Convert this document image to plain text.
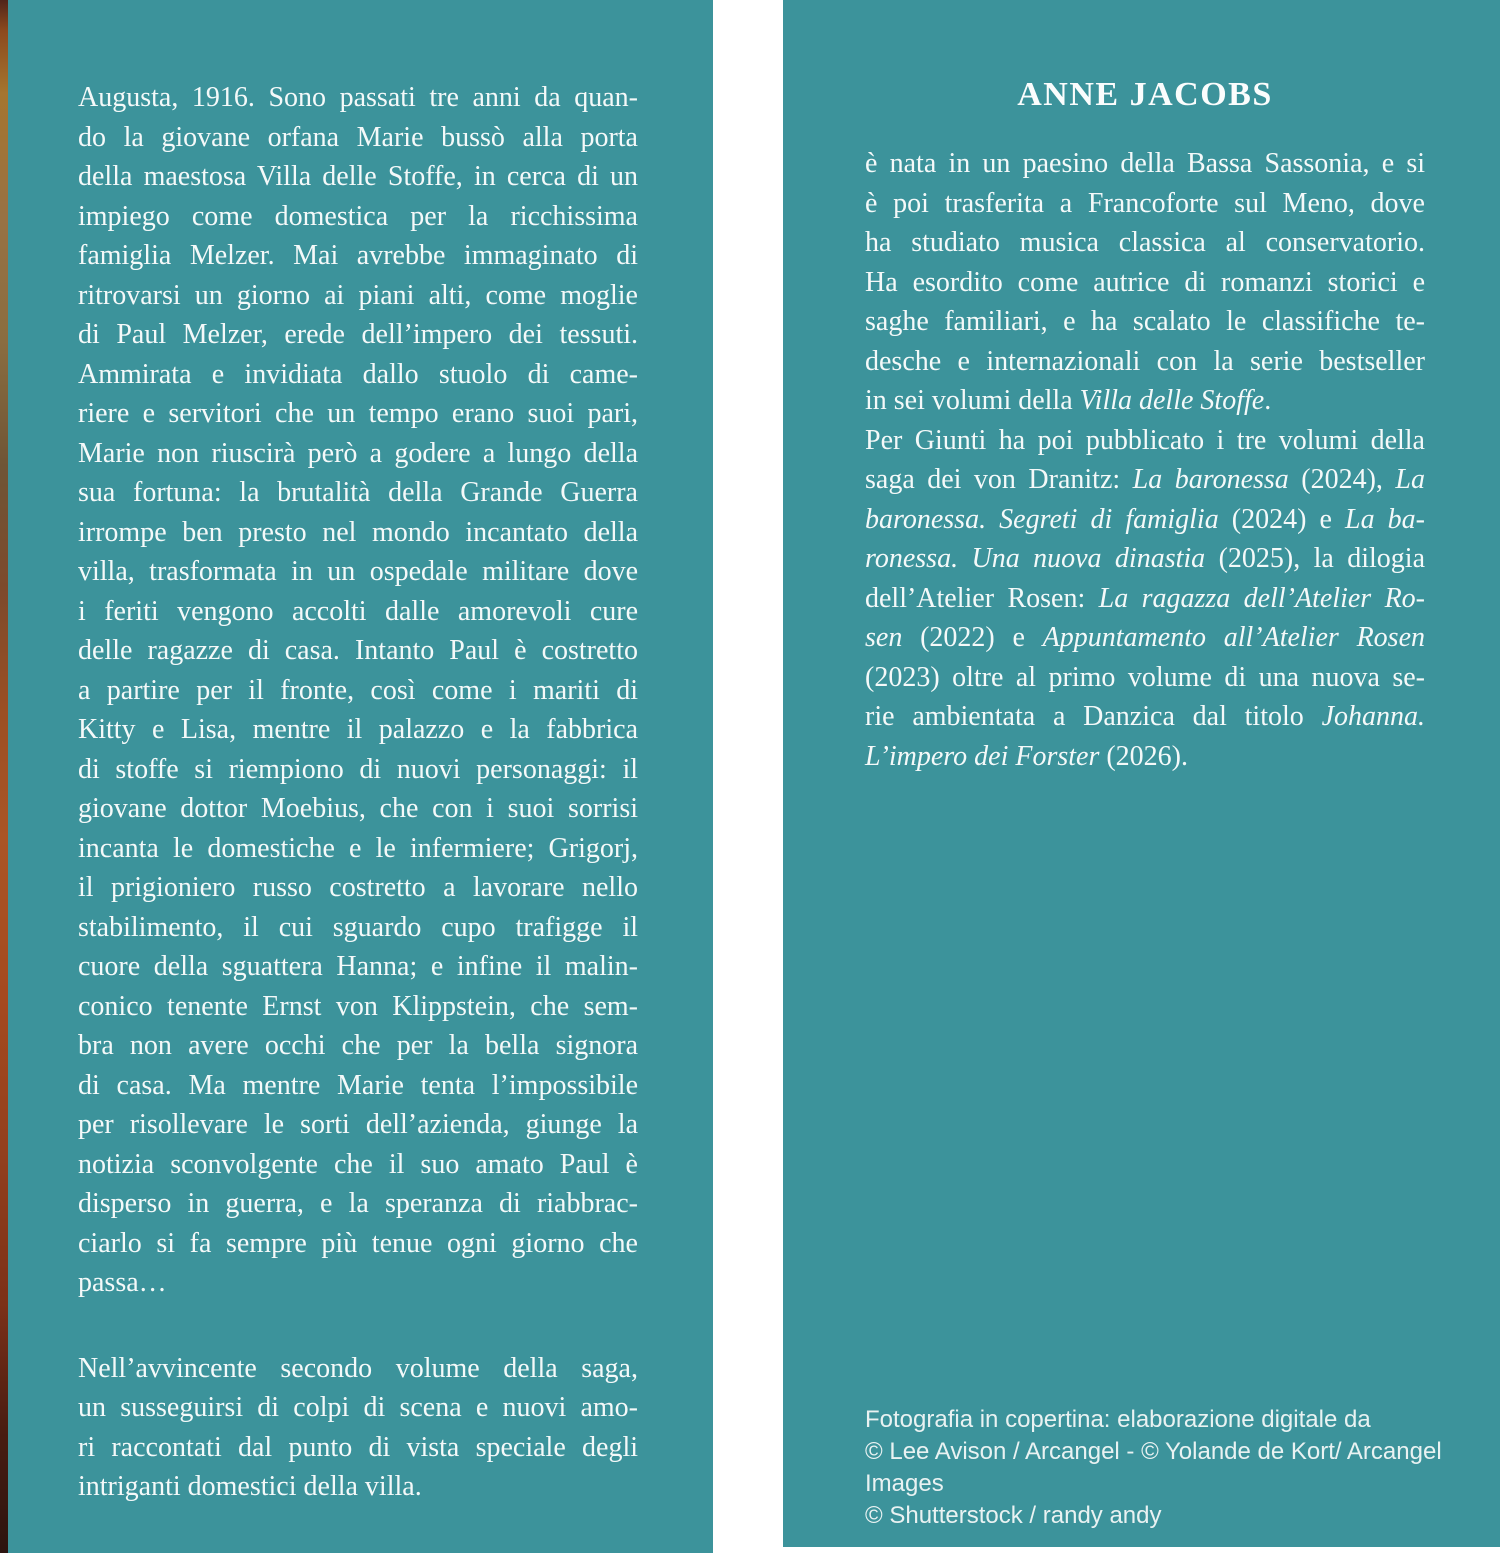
Augusta, 1916. Sono passati tre anni da quan-
do la giovane orfana Marie bussò alla porta
della maestosa Villa delle Stoffe, in cerca di un
impiego come domestica per la ricchissima
famiglia Melzer. Mai avrebbe immaginato di
ritrovarsi un giorno ai piani alti, come moglie
di Paul Melzer, erede dell’impero dei tessuti.
Ammirata e invidiata dallo stuolo di came-
riere e servitori che un tempo erano suoi pari,
Marie non riuscirà però a godere a lungo della
sua fortuna: la brutalità della Grande Guerra
irrompe ben presto nel mondo incantato della
villa, trasformata in un ospedale militare dove
i feriti vengono accolti dalle amorevoli cure
delle ragazze di casa. Intanto Paul è costretto
a partire per il fronte, così come i mariti di
Kitty e Lisa, mentre il palazzo e la fabbrica
di stoffe si riempiono di nuovi personaggi: il
giovane dottor Moebius, che con i suoi sorrisi
incanta le domestiche e le infermiere; Grigorj,
il prigioniero russo costretto a lavorare nello
stabilimento, il cui sguardo cupo trafigge il
cuore della sguattera Hanna; e infine il malin-
conico tenente Ernst von Klippstein, che sem-
bra non avere occhi che per la bella signora
di casa. Ma mentre Marie tenta l’impossibile
per risollevare le sorti dell’azienda, giunge la
notizia sconvolgente che il suo amato Paul è
disperso in guerra, e la speranza di riabbrac-
ciarlo si fa sempre più tenue ogni giorno che
passa…
Nell’avvincente secondo volume della saga,
un susseguirsi di colpi di scena e nuovi amo-
ri raccontati dal punto di vista speciale degli
intriganti domestici della villa.
ANNE JACOBS
è nata in un paesino della Bassa Sassonia, e si
è poi trasferita a Francoforte sul Meno, dove
ha studiato musica classica al conservatorio.
Ha esordito come autrice di romanzi storici e
saghe familiari, e ha scalato le classifiche te-
desche e internazionali con la serie bestseller
in sei volumi della Villa delle Stoffe.
Per Giunti ha poi pubblicato i tre volumi della
saga dei von Dranitz: La baronessa (2024), La
baronessa. Segreti di famiglia (2024) e La ba-
ronessa. Una nuova dinastia (2025), la dilogia
dell’Atelier Rosen: La ragazza dell’Atelier Ro-
sen (2022) e Appuntamento all’Atelier Rosen
(2023) oltre al primo volume di una nuova se-
rie ambientata a Danzica dal titolo Johanna.
L’impero dei Forster (2026).
Fotografia in copertina: elaborazione digitale da
© Lee Avison / Arcangel - © Yolande de Kort/ Arcangel Images
© Shutterstock / randy andy
